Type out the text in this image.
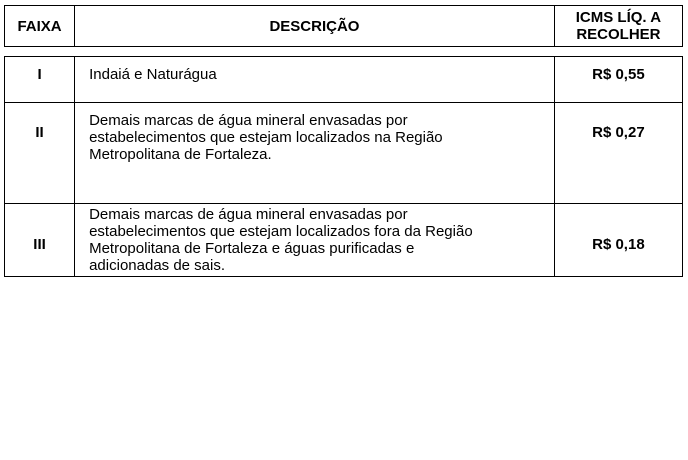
FAIXA	DESCRIÇÃO	ICMS LÍQ. A
RECOLHER
I	Indaiá e Naturágua	R$ 0,55
II	Demais marcas de água mineral envasadas por
estabelecimentos que estejam localizados na Região
Metropolitana de Fortaleza.	R$ 0,27
III	Demais marcas de água mineral envasadas por
estabelecimentos que estejam localizados fora da Região
Metropolitana de Fortaleza e águas purificadas e
adicionadas de sais.	R$ 0,18
